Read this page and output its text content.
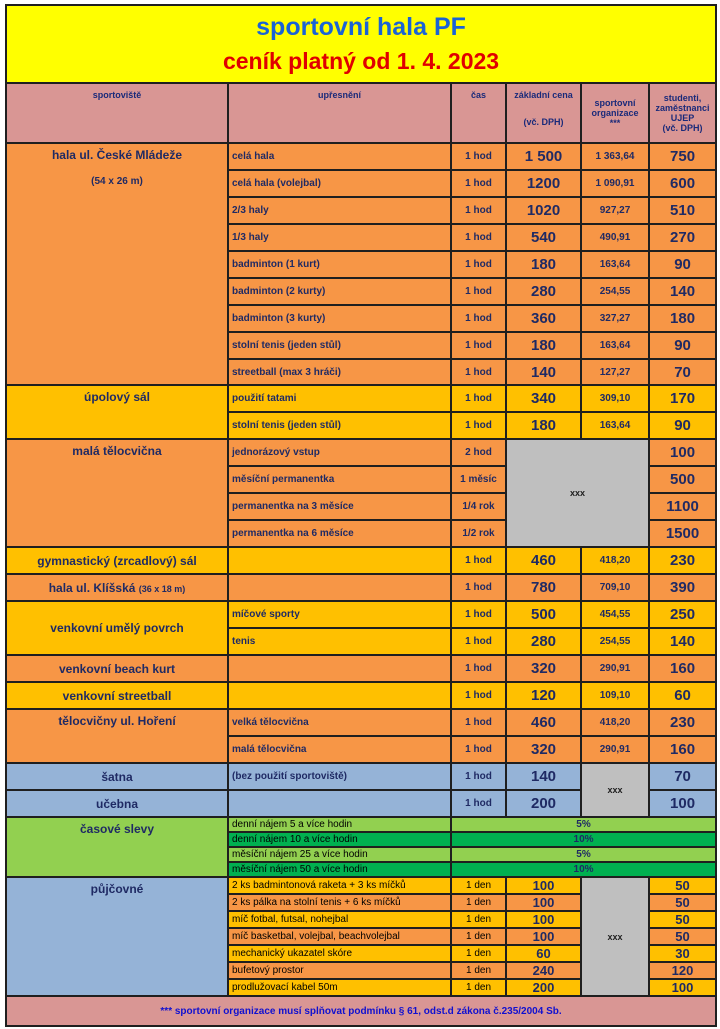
sportovní hala PF
ceník platný od 1. 4. 2023					

sportoviště	upřesnění	čas	základní cena
(vč. DPH)	sportovní
organizace
***	studenti,
zaměstnanci
UJEP
(vč. DPH)

hala ul. České Mládeže
(54 x 26 m)	celá hala	1 hod	1 500	1 363,64	750
	celá hala (volejbal)	1 hod	1200	1 090,91	600
	2/3 haly	1 hod	1020	927,27	510
	1/3 haly	1 hod	540	490,91	270
	badminton (1 kurt)	1 hod	180	163,64	90
	badminton (2 kurty)	1 hod	280	254,55	140
	badminton (3 kurty)	1 hod	360	327,27	180
	stolní tenis (jeden stůl)	1 hod	180	163,64	90
	streetball (max 3 hráči)	1 hod	140	127,27	70
úpolový sál	použití tatami	1 hod	340	309,10	170
	stolní tenis (jeden stůl)	1 hod	180	163,64	90
malá tělocvična	jednorázový vstup	2 hod	xxx		100
	měsíční permanentka	1 měsíc			500
	permanentka na 3 měsíce	1/4 rok			1100
	permanentka na 6 měsíce	1/2 rok			1500
gymnastický (zrcadlový) sál		1 hod	460	418,20	230
hala ul. Klíšská (36 x 18 m)		1 hod	780	709,10	390
venkovní umělý povrch	míčové sporty	1 hod	500	454,55	250
	tenis	1 hod	280	254,55	140
venkovní beach kurt		1 hod	320	290,91	160
venkovní streetball		1 hod	120	109,10	60
tělocvičny ul. Hoření	velká tělocvična	1 hod	460	418,20	230
	malá tělocvična	1 hod	320	290,91	160
šatna	(bez použití sportoviště)	1 hod	140	xxx	70
učebna		1 hod	200		100
časové slevy	denní nájem 5 a více hodin	5%			
	denní nájem 10 a více hodin	10%			
	měsíční nájem 25 a více hodin	5%			
	měsíční nájem 50 a více hodin	10%			
půjčovné	2 ks badmintonová raketa + 3 ks míčků	1 den	100	xxx	50
	2 ks pálka na stolní tenis + 6 ks míčků	1 den	100		50
	míč fotbal, futsal, nohejbal	1 den	100		50
	míč basketbal, volejbal, beachvolejbal	1 den	100		50
	mechanický ukazatel skóre	1 den	60		30
	bufetový prostor	1 den	240		120
	prodlužovací kabel 50m	1 den	200		100
*** sportovní organizace musí splňovat podmínku § 61, odst.d zákona č.235/2004 Sb.					
